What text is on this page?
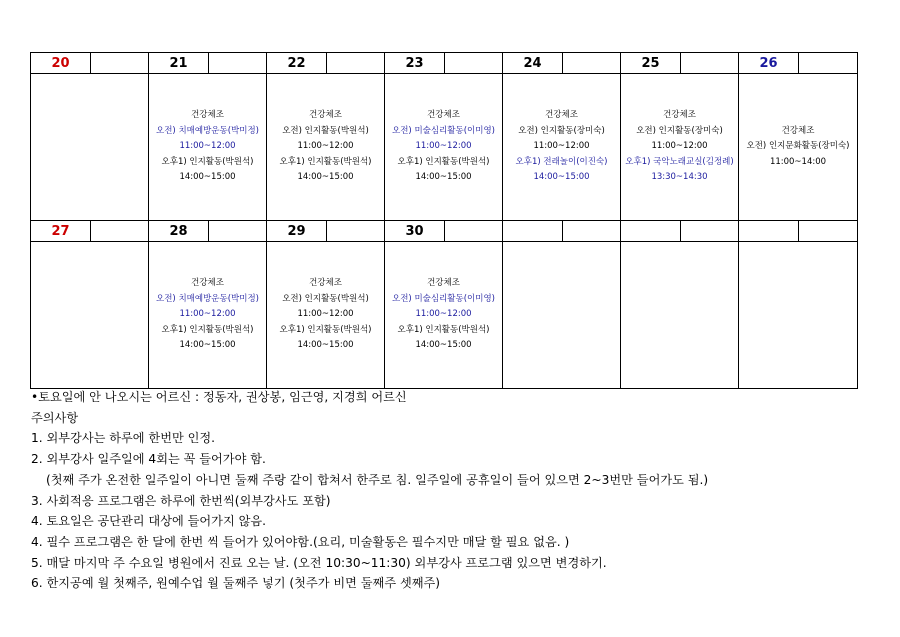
20		21		22		23		24		25		26	

		건강체조
오전) 치매예방운동(박미정)
11:00~12:00
오후1) 인지활동(박원석)
14:00~15:00		건강체조
오전) 인지활동(박원석)
11:00~12:00
오후1) 인지활동(박원석)
14:00~15:00		건강체조
오전) 미술심리활동(이미영)
11:00~12:00
오후1) 인지활동(박원석)
14:00~15:00		건강체조
오전) 인지활동(장미숙)
11:00~12:00
오후1) 전래놀이(이진숙)
14:00~15:00		건강체조
오전) 인지활동(장미숙)
11:00~12:00
오후1) 국악노래교실(김정례)
13:30~14:30		건강체조
오전) 인지문화활동(장미숙)
11:00~14:00	

27		28		29		30							

		건강체조
오전) 치매예방운동(박미정)
11:00~12:00
오후1) 인지활동(박원석)
14:00~15:00		건강체조
오전) 인지활동(박원석)
11:00~12:00
오후1) 인지활동(박원석)
14:00~15:00		건강체조
오전) 미술심리활동(이미영)
11:00~12:00
오후1) 인지활동(박원석)
14:00~15:00							

•토요일에 안 나오시는 어르신 : 정동자, 권상봉, 임근영, 지경희 어르신
주의사항
1. 외부강사는 하루에 한번만 인정.
2. 외부강사 일주일에 4회는 꼭 들어가야 함.
(첫째 주가 온전한 일주일이 아니면 둘째 주랑 같이 합쳐서 한주로 침. 일주일에 공휴일이 들어 있으면 2~3번만 들어가도 됨.)
3. 사회적응 프로그램은 하루에 한번씩(외부강사도 포함)
4. 토요일은 공단관리 대상에 들어가지 않음.
4. 필수 프로그램은 한 달에 한번 씩 들어가 있어야함.(요리, 미술활동은 필수지만 매달 할 필요 없음. )
5. 매달 마지막 주 수요일 병원에서 진료 오는 날. (오전 10:30~11:30) 외부강사 프로그램 있으면 변경하기.
6. 한지공예 월 첫째주, 원예수업 월 둘째주 넣기 (첫주가 비면 둘째주 셋째주)
